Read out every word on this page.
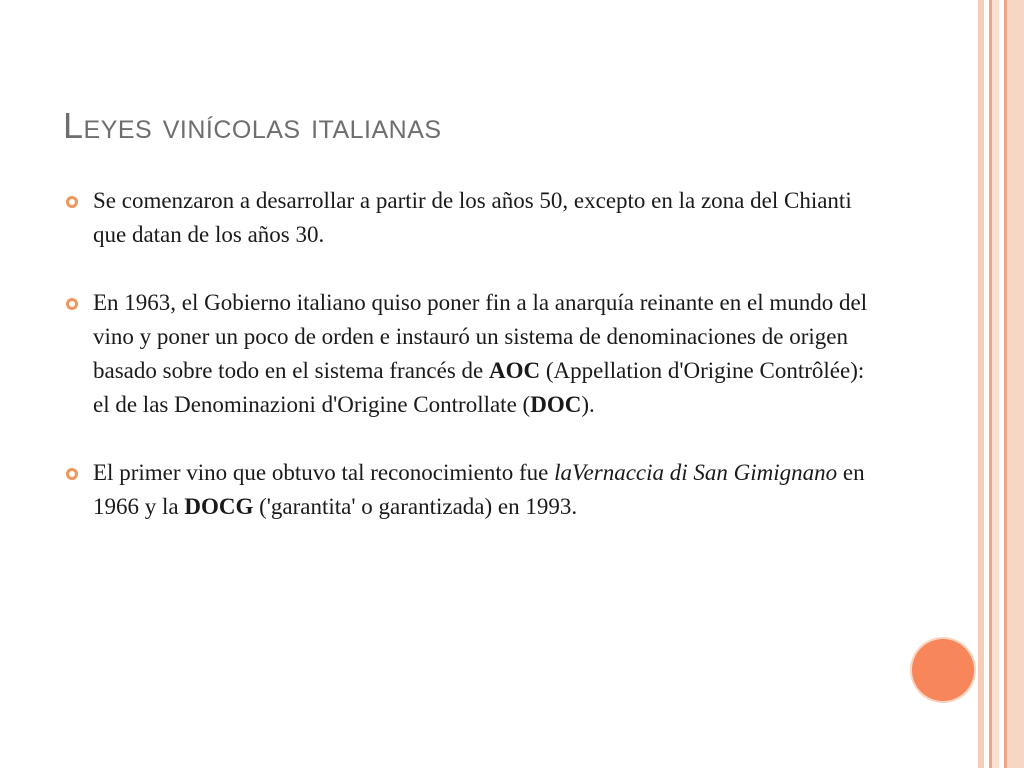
Leyes vinícolas italianas

Se comenzaron a desarrollar a partir de los años 50, excepto en la zona del Chianti que datan de los años 30.

En 1963, el Gobierno italiano quiso poner fin a la anarquía reinante en el mundo del vino y poner un poco de orden e instauró un sistema de denominaciones de origen basado sobre todo en el sistema francés de AOC (Appellation d'Origine Contrôlée): el de las Denominazioni d'Origine Controllate (DOC).

El primer vino que obtuvo tal reconocimiento fue laVernaccia di San Gimignano en 1966 y la DOCG ('garantita' o garantizada) en 1993.
